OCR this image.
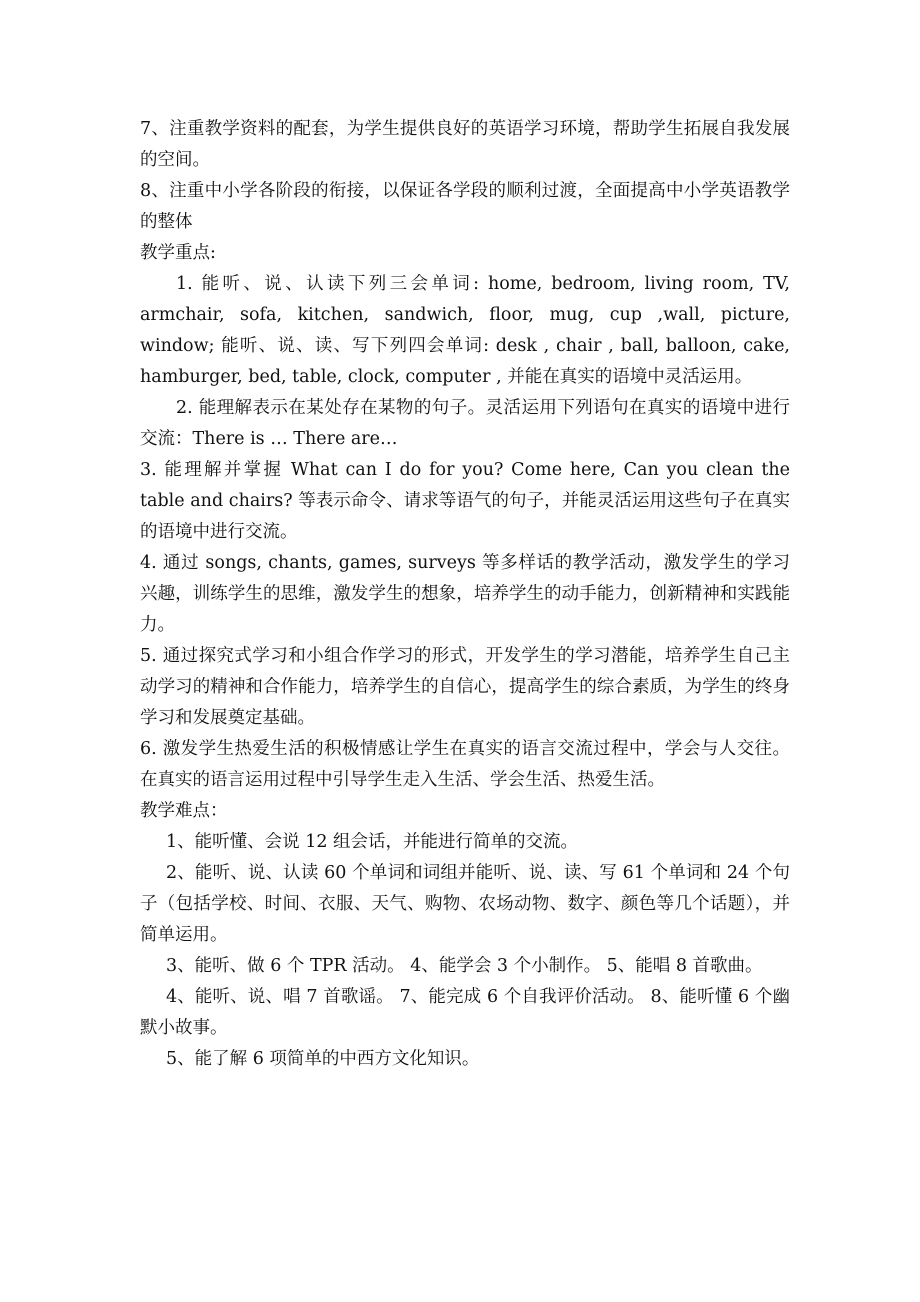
7、注重教学资料的配套，为学生提供良好的英语学习环境，帮助学生拓展自我发展的空间。

8、注重中小学各阶段的衔接，以保证各学段的顺利过渡，全面提高中小学英语教学的整体

教学重点:

1. 能听、说、认读下列三会单词: home, bedroom, living room, TV, armchair, sofa, kitchen, sandwich, floor, mug, cup ,wall, picture, window; 能听、说、读、写下列四会单词: desk , chair , ball, balloon, cake, hamburger, bed, table, clock, computer , 并能在真实的语境中灵活运用。

2. 能理解表示在某处存在某物的句子。灵活运用下列语句在真实的语境中进行交流：There is … There are…

3. 能理解并掌握 What can I do for you? Come here, Can you clean the table and chairs? 等表示命令、请求等语气的句子，并能灵活运用这些句子在真实的语境中进行交流。

4. 通过 songs, chants, games, surveys 等多样话的教学活动，激发学生的学习兴趣，训练学生的思维，激发学生的想象，培养学生的动手能力，创新精神和实践能力。

5. 通过探究式学习和小组合作学习的形式，开发学生的学习潜能，培养学生自己主动学习的精神和合作能力，培养学生的自信心，提高学生的综合素质，为学生的终身学习和发展奠定基础。

6. 激发学生热爱生活的积极情感让学生在真实的语言交流过程中，学会与人交往。在真实的语言运用过程中引导学生走入生活、学会生活、热爱生活。

教学难点：

1、能听懂、会说 12 组会话，并能进行简单的交流。

2、能听、说、认读 60 个单词和词组并能听、说、读、写 61 个单词和 24 个句子（包括学校、时间、衣服、天气、购物、农场动物、数字、颜色等几个话题），并简单运用。

3、能听、做 6 个 TPR 活动。 4、能学会 3 个小制作。 5、能唱 8 首歌曲。

4、能听、说、唱 7 首歌谣。 7、能完成 6 个自我评价活动。 8、能听懂 6 个幽默小故事。

5、能了解 6 项简单的中西方文化知识。
